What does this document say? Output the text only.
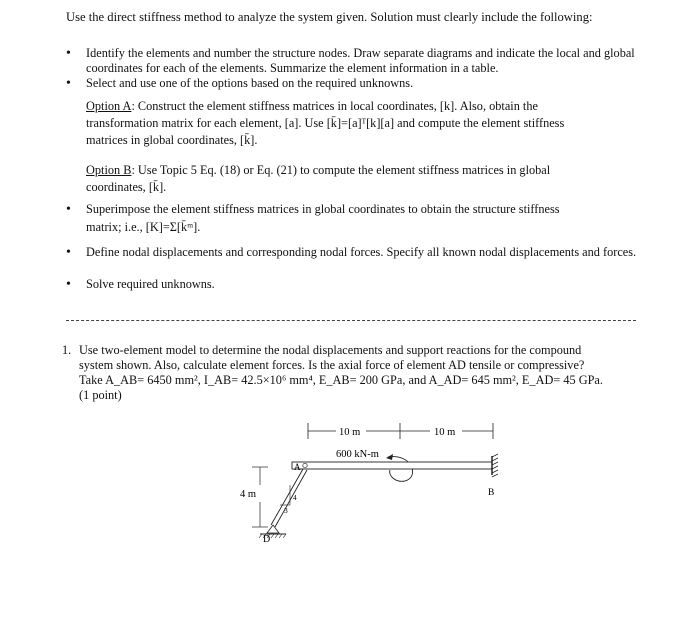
Use the direct stiffness method to analyze the system given. Solution must clearly include the following:
• Identify the elements and number the structure nodes. Draw separate diagrams and indicate the local and global coordinates for each of the elements. Summarize the element information in a table.
• Select and use one of the options based on the required unknowns.
Option A: Construct the element stiffness matrices in local coordinates, [k]. Also, obtain the
transformation matrix for each element, [a]. Use [k̄]=[a]ᵀ[k][a] and compute the element stiffness
matrices in global coordinates, [k̄].
Option B: Use Topic 5 Eq. (18) or Eq. (21) to compute the element stiffness matrices in global
coordinates, [k̄].
• Superimpose the element stiffness matrices in global coordinates to obtain the structure stiffness
matrix; i.e., [K]=Σ[k̄ᵐ].
• Define nodal displacements and corresponding nodal forces. Specify all known nodal displacements and forces.
• Solve required unknowns.
1. Use two-element model to determine the nodal displacements and support reactions for the compound
system shown. Also, calculate element forces. Is the axial force of element AD tensile or compressive?
Take A_AB= 6450 mm², I_AB= 42.5×10⁶ mm⁴, E_AB= 200 GPa, and A_AD= 645 mm², E_AD= 45 GPa.
(1 point)
10 m	10 m
600 kN-m
A
B
4
3
D
4 m
